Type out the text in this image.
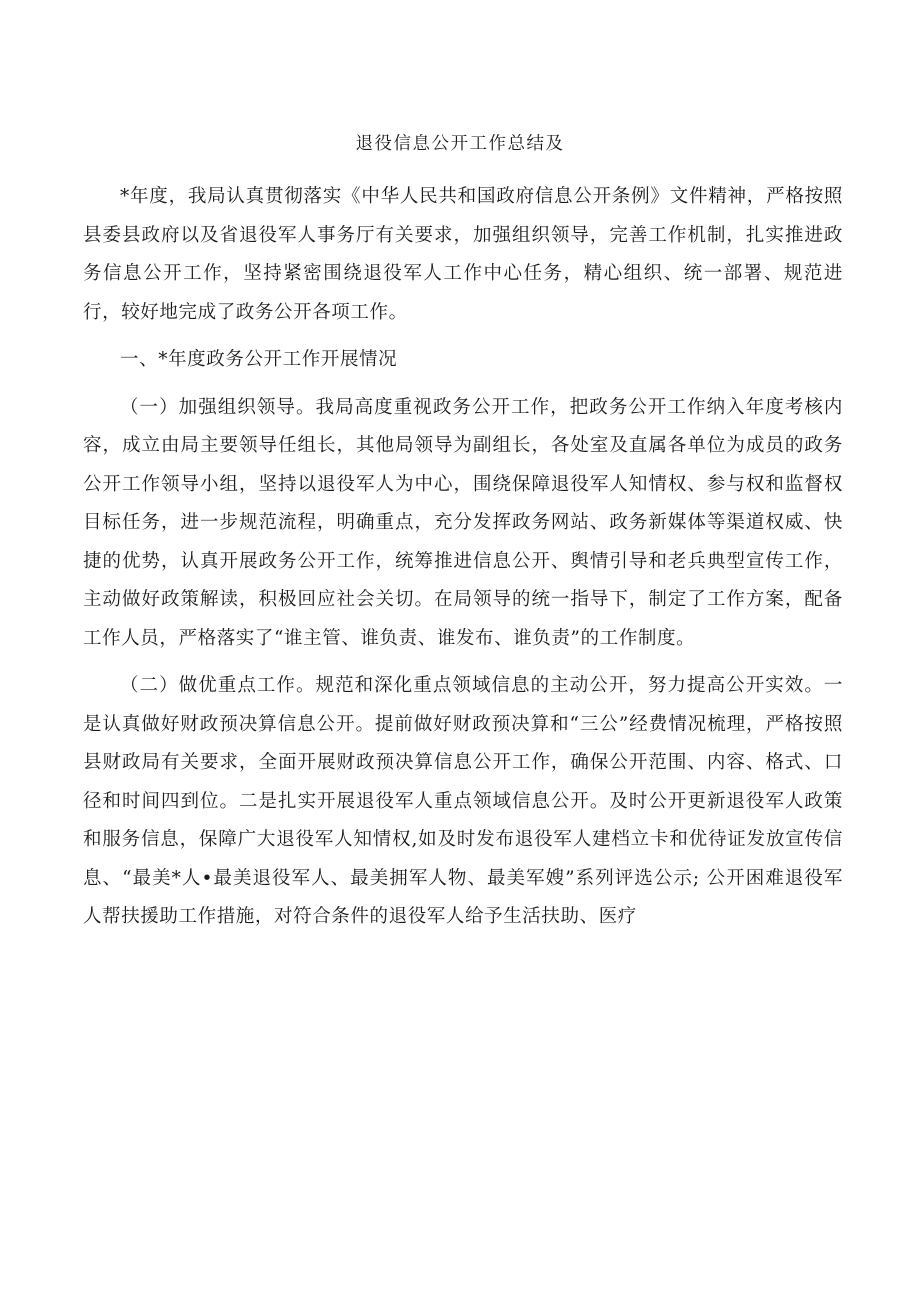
退役信息公开工作总结及

*年度，我局认真贯彻落实《中华人民共和国政府信息公开条例》文件精神，严格按照县委县政府以及省退役军人事务厅有关要求，加强组织领导，完善工作机制，扎实推进政务信息公开工作，坚持紧密围绕退役军人工作中心任务，精心组织、统一部署、规范进行，较好地完成了政务公开各项工作。

一、*年度政务公开工作开展情况

（一）加强组织领导。我局高度重视政务公开工作，把政务公开工作纳入年度考核内容，成立由局主要领导任组长，其他局领导为副组长，各处室及直属各单位为成员的政务公开工作领导小组，坚持以退役军人为中心，围绕保障退役军人知情权、参与权和监督权目标任务，进一步规范流程，明确重点，充分发挥政务网站、政务新媒体等渠道权威、快捷的优势，认真开展政务公开工作，统筹推进信息公开、舆情引导和老兵典型宣传工作，主动做好政策解读，积极回应社会关切。在局领导的统一指导下，制定了工作方案，配备工作人员，严格落实了“谁主管、谁负责、谁发布、谁负责”的工作制度。

（二）做优重点工作。规范和深化重点领域信息的主动公开，努力提高公开实效。一是认真做好财政预决算信息公开。提前做好财政预决算和“三公”经费情况梳理，严格按照县财政局有关要求，全面开展财政预决算信息公开工作，确保公开范围、内容、格式、口径和时间四到位。二是扎实开展退役军人重点领域信息公开。及时公开更新退役军人政策和服务信息，保障广大退役军人知情权,如及时发布退役军人建档立卡和优待证发放宣传信息、“最美*人•最美退役军人、最美拥军人物、最美军嫂”系列评选公示; 公开困难退役军人帮扶援助工作措施，对符合条件的退役军人给予生活扶助、医疗
